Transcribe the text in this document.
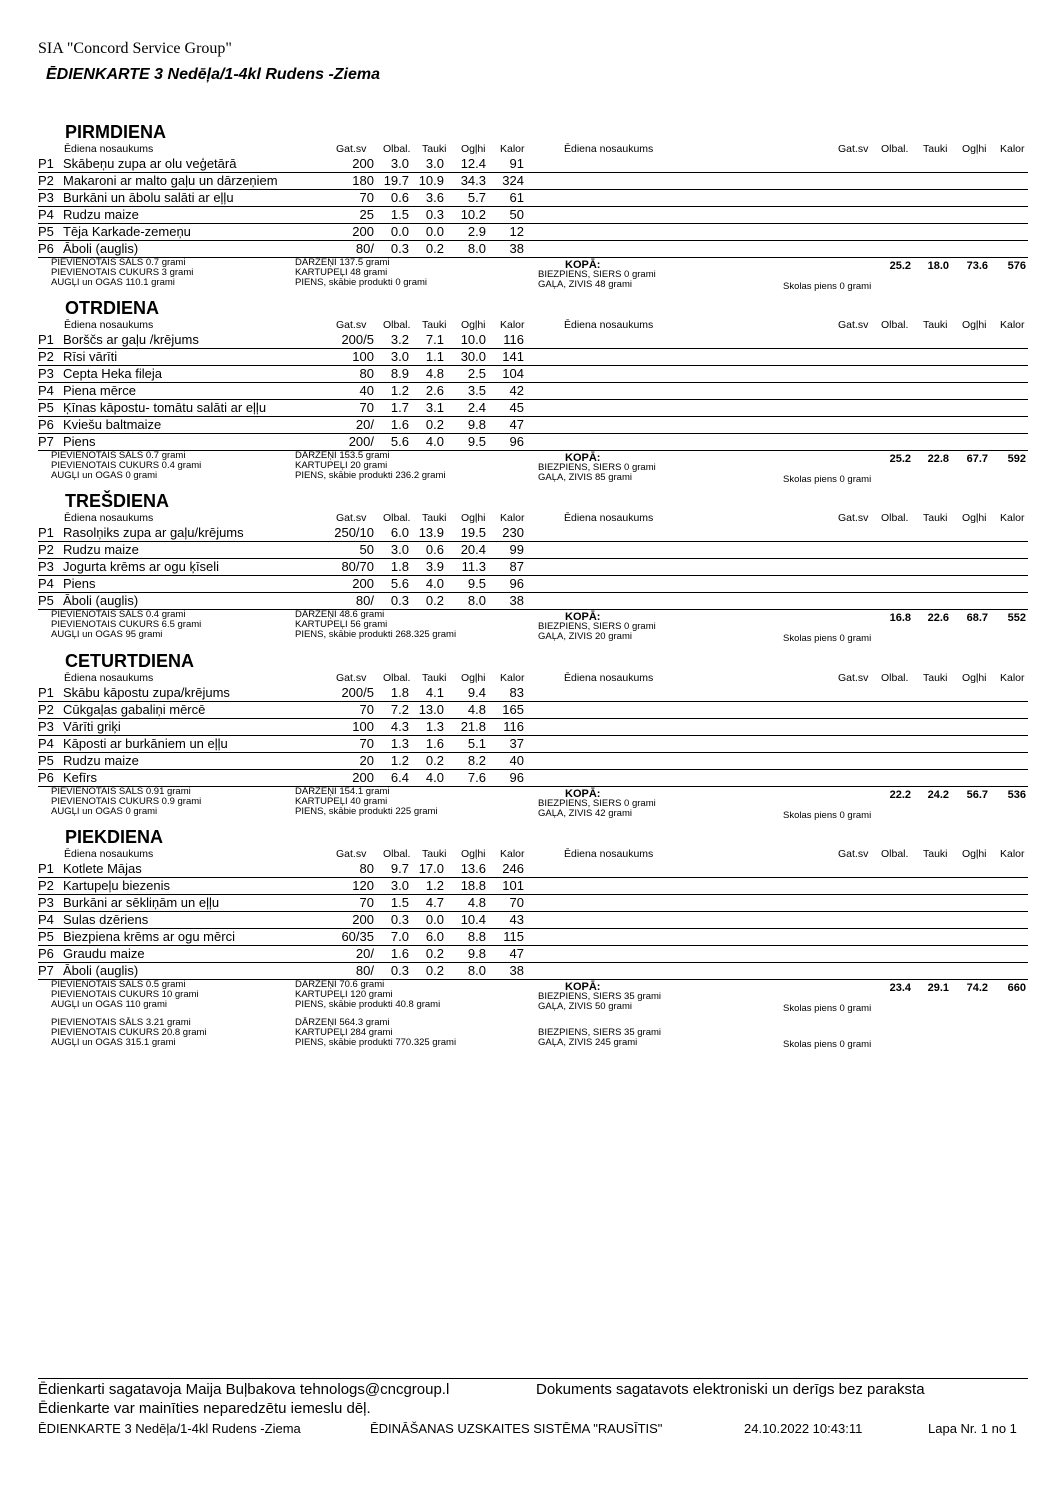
SIA "Concord Service Group"
ĒDIENKARTE 3 Nedēļa/1-4kl Rudens -Ziema
PIRMDIENA
Ēdiena nosaukums	Gat.sv Olbal. Tauki Ogļhi Kalor	Ēdiena nosaukums	Gat.sv Olbal. Tauki Ogļhi Kalor
P1 Skābeņu zupa ar olu veģetārā	200 3.0 3.0 12.4 91
P2 Makaroni ar malto gaļu un dārzeņiem	180 19.7 10.9 34.3 324
P3 Burkāni un ābolu salāti ar eļļu	70 0.6 3.6 5.7 61
P4 Rudzu maize	25 1.5 0.3 10.2 50
P5 Tēja Karkade-zemeņu	200 0.0 0.0 2.9 12
P6 Āboli (auglis)	80/ 0.3 0.2 8.0 38
PIEVIENOTAIS SĀLS 0.7 grami
PIEVIENOTAIS CUKURS 3 grami
AUGĻI un OGAS 110.1 grami
DĀRZEŅI 137.5 grami
KARTUPEĻI 48 grami
PIENS, skābie produkti 0 grami
KOPĀ:
BIEZPIENS, SIERS 0 grami
GAĻA, ZIVIS 48 grami	Skolas piens 0 grami
25.2 18.0 73.6 576
OTRDIENA
Ēdiena nosaukums	Gat.sv Olbal. Tauki Ogļhi Kalor	Ēdiena nosaukums	Gat.sv Olbal. Tauki Ogļhi Kalor
P1 Borščs ar gaļu /krējums	200/5 3.2 7.1 10.0 116
P2 Rīsi vārīti	100 3.0 1.1 30.0 141
P3 Cepta Heka fileja	80 8.9 4.8 2.5 104
P4 Piena mērce	40 1.2 2.6 3.5 42
P5 Ķīnas kāpostu- tomātu salāti ar eļļu	70 1.7 3.1 2.4 45
P6 Kviešu baltmaize	20/ 1.6 0.2 9.8 47
P7 Piens	200/ 5.6 4.0 9.5 96
PIEVIENOTAIS SĀLS 0.7 grami
PIEVIENOTAIS CUKURS 0.4 grami
AUGĻI un OGAS 0 grami
DĀRZEŅI 153.5 grami
KARTUPEĻI 20 grami
PIENS, skābie produkti 236.2 grami
KOPĀ:
BIEZPIENS, SIERS 0 grami
GAĻA, ZIVIS 85 grami	Skolas piens 0 grami
25.2 22.8 67.7 592
TREŠDIENA
Ēdiena nosaukums	Gat.sv Olbal. Tauki Ogļhi Kalor	Ēdiena nosaukums	Gat.sv Olbal. Tauki Ogļhi Kalor
P1 Rasolņiks zupa ar gaļu/krējums	250/10 6.0 13.9 19.5 230
P2 Rudzu maize	50 3.0 0.6 20.4 99
P3 Jogurta krēms ar ogu ķīseli	80/70 1.8 3.9 11.3 87
P4 Piens	200 5.6 4.0 9.5 96
P5 Āboli (auglis)	80/ 0.3 0.2 8.0 38
PIEVIENOTAIS SĀLS 0.4 grami
PIEVIENOTAIS CUKURS 6.5 grami
AUGĻI un OGAS 95 grami
DĀRZEŅI 48.6 grami
KARTUPEĻI 56 grami
PIENS, skābie produkti 268.325 grami
KOPĀ:
BIEZPIENS, SIERS 0 grami
GAĻA, ZIVIS 20 grami	Skolas piens 0 grami
16.8 22.6 68.7 552
CETURTDIENA
Ēdiena nosaukums	Gat.sv Olbal. Tauki Ogļhi Kalor	Ēdiena nosaukums	Gat.sv Olbal. Tauki Ogļhi Kalor
P1 Skābu kāpostu zupa/krējums	200/5 1.8 4.1 9.4 83
P2 Cūkgaļas gabaliņi mērcē	70 7.2 13.0 4.8 165
P3 Vārīti griķi	100 4.3 1.3 21.8 116
P4 Kāposti ar burkāniem un eļļu	70 1.3 1.6 5.1 37
P5 Rudzu maize	20 1.2 0.2 8.2 40
P6 Kefīrs	200 6.4 4.0 7.6 96
PIEVIENOTAIS SĀLS 0.91 grami
PIEVIENOTAIS CUKURS 0.9 grami
AUGĻI un OGAS 0 grami
DĀRZEŅI 154.1 grami
KARTUPEĻI 40 grami
PIENS, skābie produkti 225 grami
KOPĀ:
BIEZPIENS, SIERS 0 grami
GAĻA, ZIVIS 42 grami	Skolas piens 0 grami
22.2 24.2 56.7 536
PIEKDIENA
Ēdiena nosaukums	Gat.sv Olbal. Tauki Ogļhi Kalor	Ēdiena nosaukums	Gat.sv Olbal. Tauki Ogļhi Kalor
P1 Kotlete Mājas	80 9.7 17.0 13.6 246
P2 Kartupeļu biezenis	120 3.0 1.2 18.8 101
P3 Burkāni ar sēkliņām un eļļu	70 1.5 4.7 4.8 70
P4 Sulas dzēriens	200 0.3 0.0 10.4 43
P5 Biezpiena krēms ar ogu mērci	60/35 7.0 6.0 8.8 115
P6 Graudu maize	20/ 1.6 0.2 9.8 47
P7 Āboli (auglis)	80/ 0.3 0.2 8.0 38
PIEVIENOTAIS SĀLS 0.5 grami
PIEVIENOTAIS CUKURS 10 grami
AUGĻI un OGAS 110 grami
DĀRZEŅI 70.6 grami
KARTUPEĻI 120 grami
PIENS, skābie produkti 40.8 grami
KOPĀ:
BIEZPIENS, SIERS 35 grami
GAĻA, ZIVIS 50 grami	Skolas piens 0 grami
23.4 29.1 74.2 660
PIEVIENOTAIS SĀLS 3.21 grami
PIEVIENOTAIS CUKURS 20.8 grami
AUGĻI un OGAS 315.1 grami
DĀRZEŅI 564.3 grami
KARTUPEĻI 284 grami
PIENS, skābie produkti 770.325 grami
BIEZPIENS, SIERS 35 grami
GAĻA, ZIVIS 245 grami	Skolas piens 0 grami
Ēdienkarti sagatavoja Maija Buļbakova tehnologs@cncgroup.l	Dokuments sagatavots elektroniski un derīgs bez paraksta
Ēdienkarte var mainīties neparedzētu iemeslu dēļ.
ĒDIENKARTE 3 Nedēļa/1-4kl Rudens -Ziema	ĒDINĀŠANAS UZSKAITES SISTĒMA "RAUSĪTIS"	24.10.2022 10:43:11	Lapa Nr. 1 no 1
